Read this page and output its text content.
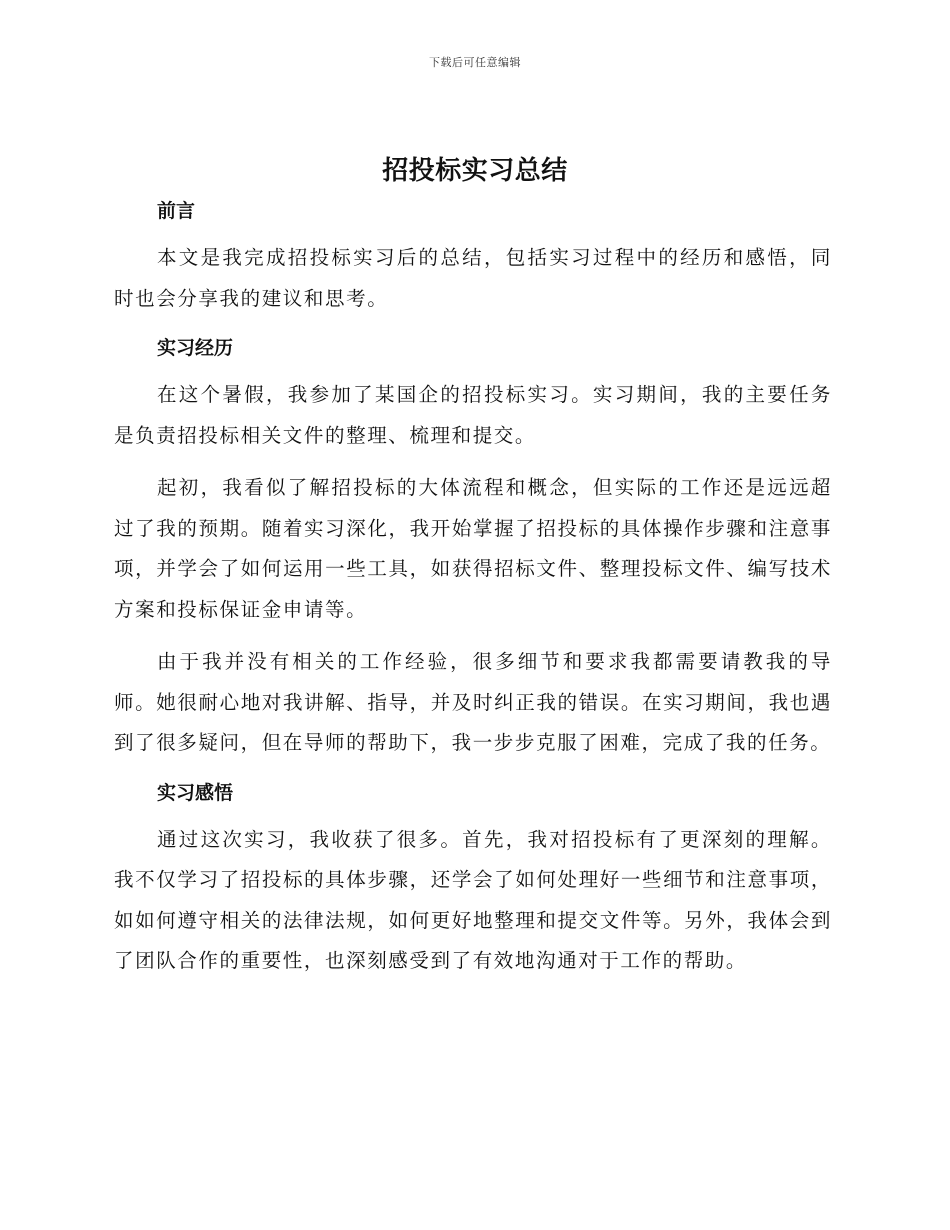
下载后可任意编辑
招投标实习总结
前言

本文是我完成招投标实习后的总结，包括实习过程中的经历和感悟，同时也会分享我的建议和思考。

实习经历

在这个暑假，我参加了某国企的招投标实习。实习期间，我的主要任务是负责招投标相关文件的整理、梳理和提交。

起初，我看似了解招投标的大体流程和概念，但实际的工作还是远远超过了我的预期。随着实习深化，我开始掌握了招投标的具体操作步骤和注意事项，并学会了如何运用一些工具，如获得招标文件、整理投标文件、编写技术方案和投标保证金申请等。

由于我并没有相关的工作经验，很多细节和要求我都需要请教我的导师。她很耐心地对我讲解、指导，并及时纠正我的错误。在实习期间，我也遇到了很多疑问，但在导师的帮助下，我一步步克服了困难，完成了我的任务。

实习感悟

通过这次实习，我收获了很多。首先，我对招投标有了更深刻的理解。我不仅学习了招投标的具体步骤，还学会了如何处理好一些细节和注意事项，如如何遵守相关的法律法规，如何更好地整理和提交文件等。另外，我体会到了团队合作的重要性，也深刻感受到了有效地沟通对于工作的帮助。
